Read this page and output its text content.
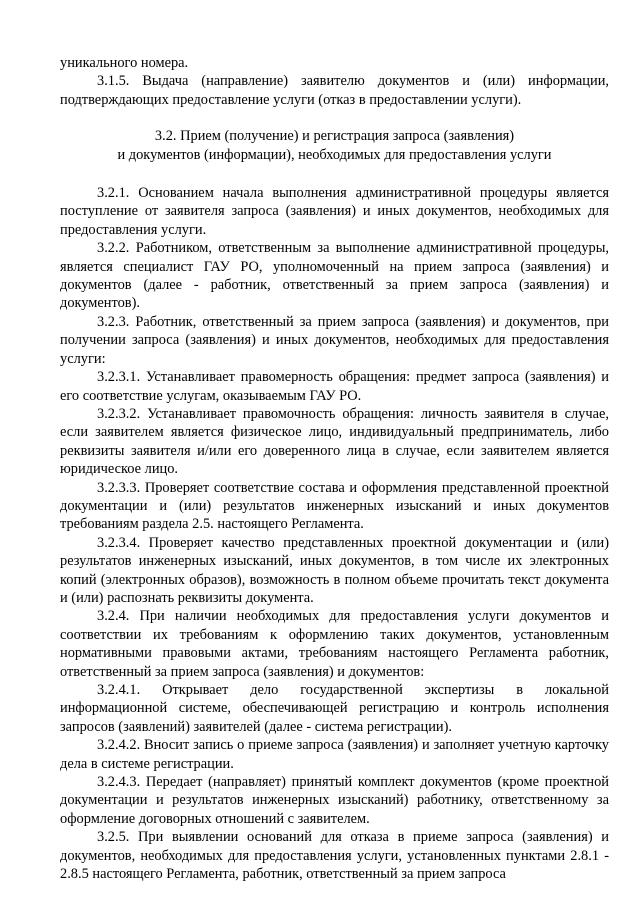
уникального номера.

3.1.5. Выдача (направление) заявителю документов и (или) информации, подтверждающих предоставление услуги (отказ в предоставлении услуги).

3.2. Прием (получение) и регистрация запроса (заявления)

и документов (информации), необходимых для предоставления услуги

3.2.1. Основанием начала выполнения административной процедуры является поступление от заявителя запроса (заявления) и иных документов, необходимых для предоставления услуги.

3.2.2. Работником, ответственным за выполнение административной процедуры, является специалист ГАУ РО, уполномоченный на прием запроса (заявления) и документов (далее - работник, ответственный за прием запроса (заявления) и документов).

3.2.3. Работник, ответственный за прием запроса (заявления) и документов, при получении запроса (заявления) и иных документов, необходимых для предоставления услуги:

3.2.3.1. Устанавливает правомерность обращения: предмет запроса (заявления) и его соответствие услугам, оказываемым ГАУ РО.

3.2.3.2. Устанавливает правомочность обращения: личность заявителя в случае, если заявителем является физическое лицо, индивидуальный предприниматель, либо реквизиты заявителя и/или его доверенного лица в случае, если заявителем является юридическое лицо.

3.2.3.3. Проверяет соответствие состава и оформления представленной проектной документации и (или) результатов инженерных изысканий и иных документов требованиям раздела 2.5. настоящего Регламента.

3.2.3.4. Проверяет качество представленных проектной документации и (или) результатов инженерных изысканий, иных документов, в том числе их электронных копий (электронных образов), возможность в полном объеме прочитать текст документа и (или) распознать реквизиты документа.

3.2.4. При наличии необходимых для предоставления услуги документов и соответствии их требованиям к оформлению таких документов, установленным нормативными правовыми актами, требованиям настоящего Регламента работник, ответственный за прием запроса (заявления) и документов:

3.2.4.1. Открывает дело государственной экспертизы в локальной информационной системе, обеспечивающей регистрацию и контроль исполнения запросов (заявлений) заявителей (далее - система регистрации).

3.2.4.2. Вносит запись о приеме запроса (заявления) и заполняет учетную карточку дела в системе регистрации.

3.2.4.3. Передает (направляет) принятый комплект документов (кроме проектной документации и результатов инженерных изысканий) работнику, ответственному за оформление договорных отношений с заявителем.

3.2.5. При выявлении оснований для отказа в приеме запроса (заявления) и документов, необходимых для предоставления услуги, установленных пунктами 2.8.1 - 2.8.5 настоящего Регламента, работник, ответственный за прием запроса
